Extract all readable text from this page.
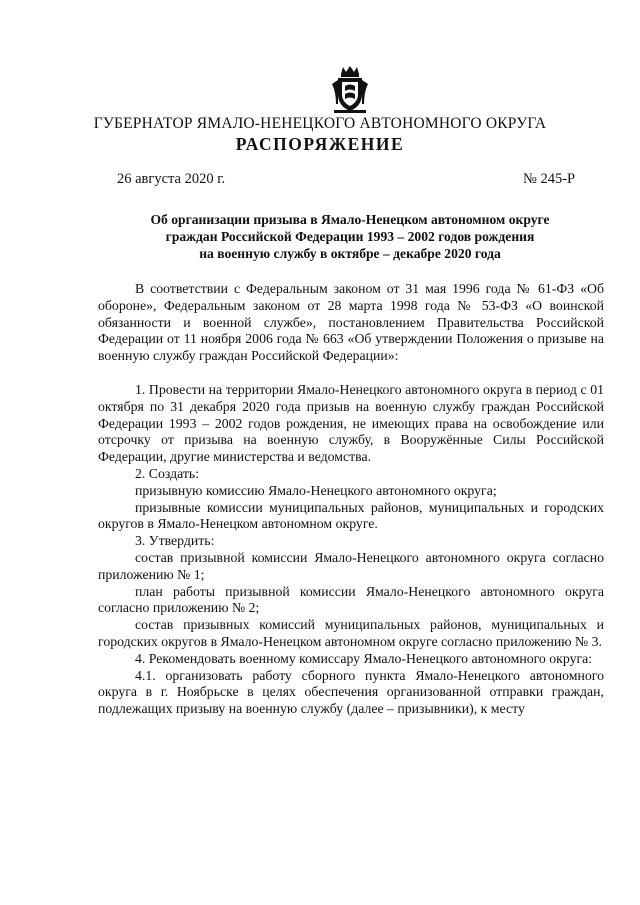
ГУБЕРНАТОР ЯМАЛО-НЕНЕЦКОГО АВТОНОМНОГО ОКРУГА
РАСПОРЯЖЕНИЕ
26 августа 2020 г.	№ 245-Р
Об организации призыва в Ямало-Ненецком автономном округе
граждан Российской Федерации 1993 – 2002 годов рождения
на военную службу в октябре – декабре 2020 года

В соответствии с Федеральным законом от 31 мая 1996 года № 61-ФЗ «Об обороне», Федеральным законом от 28 марта 1998 года № 53-ФЗ «О воинской обязанности и военной службе», постановлением Правительства Российской Федерации от 11 ноября 2006 года № 663 «Об утверждении Положения о призыве на военную службу граждан Российской Федерации»:

1. Провести на территории Ямало-Ненецкого автономного округа в период с 01 октября по 31 декабря 2020 года призыв на военную службу граждан Российской Федерации 1993 – 2002 годов рождения, не имеющих права на освобождение или отсрочку от призыва на военную службу, в Вооружённые Силы Российской Федерации, другие министерства и ведомства.

2. Создать:

призывную комиссию Ямало-Ненецкого автономного округа;

призывные комиссии муниципальных районов, муниципальных и городских округов в Ямало-Ненецком автономном округе.

3. Утвердить:

состав призывной комиссии Ямало-Ненецкого автономного округа согласно приложению № 1;

план работы призывной комиссии Ямало-Ненецкого автономного округа согласно приложению № 2;

состав призывных комиссий муниципальных районов, муниципальных и городских округов в Ямало-Ненецком автономном округе согласно приложению № 3.

4. Рекомендовать военному комиссару Ямало-Ненецкого автономного округа:

4.1. организовать работу сборного пункта Ямало-Ненецкого автономного округа в г. Ноябрьске в целях обеспечения организованной отправки граждан, подлежащих призыву на военную службу (далее – призывники), к месту
